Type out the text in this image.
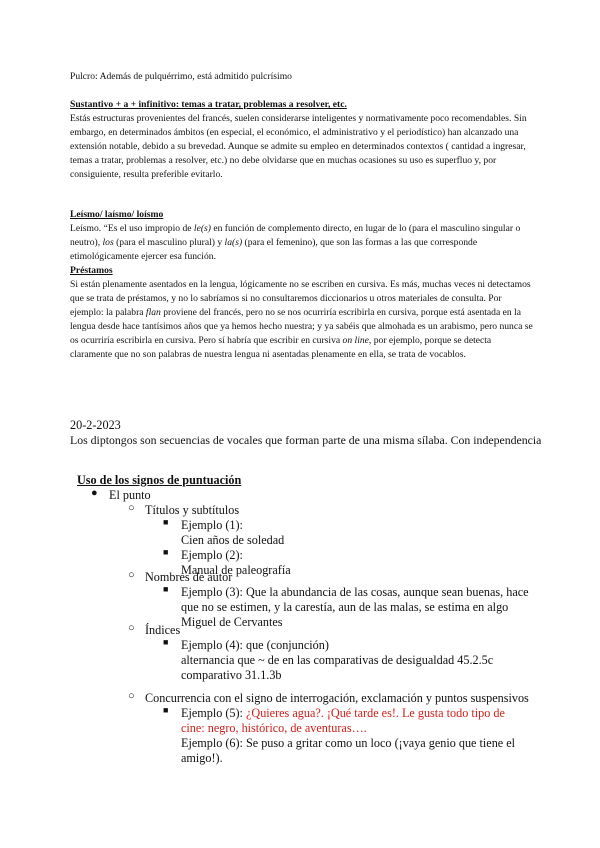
Pulcro: Además de pulquérrimo, está admitido pulcrísimo

Sustantivo + a + infinitivo: temas a tratar, problemas a resolver, etc.

Estás estructuras provenientes del francés, suelen considerarse inteligentes y normativamente poco recomendables. Sin embargo, en determinados ámbitos (en especial, el económico, el administrativo y el periodístico) han alcanzado una extensión notable, debido a su brevedad. Aunque se admite su empleo en determinados contextos ( cantidad a ingresar, temas a tratar, problemas a resolver, etc.) no debe olvidarse que en muchas ocasiones su uso es superfluo y, por consiguiente, resulta preferible evitarlo.

Leísmo/ laísmo/ loísmo

Leísmo. “Es el uso impropio de le(s) en función de complemento directo, en lugar de lo (para el masculino singular o neutro), los (para el masculino plural) y la(s) (para el femenino), que son las formas a las que corresponde etimológicamente ejercer esa función.

Préstamos

Si están plenamente asentados en la lengua, lógicamente no se escriben en cursiva. Es más, muchas veces ni detectamos que se trata de préstamos, y no lo sabríamos si no consultaremos diccionarios u otros materiales de consulta. Por ejemplo: la palabra flan proviene del francés, pero no se nos ocurriría escribirla en cursiva, porque está asentada en la lengua desde hace tantísimos años que ya hemos hecho nuestra; y ya sabéis que almohada es un arabismo, pero nunca se os ocurriría escribirla en cursiva. Pero sí habría que escribir en cursiva on line, por ejemplo, porque se detecta claramente que no son palabras de nuestra lengua ni asentadas plenamente en ella, se trata de vocablos.

20-2-2023
Los diptongos son secuencias de vocales que forman parte de una misma sílaba. Con independencia
Uso de los signos de puntuación
● El punto
○ Títulos y subtítulos
■ Ejemplo (1):
Cien años de soledad
■ Ejemplo (2):
Manual de paleografía
○ Nombres de autor
■ Ejemplo (3): Que la abundancia de las cosas, aunque sean buenas, hace
que no se estimen, y la carestía, aun de las malas, se estima en algo
Miguel de Cervantes
○ Índices
■ Ejemplo (4): que (conjunción)
alternancia que ~ de en las comparativas de desigualdad 45.2.5c
comparativo 31.1.3b
○ Concurrencia con el signo de interrogación, exclamación y puntos suspensivos
■ Ejemplo (5): ¿Quieres agua?. ¡Qué tarde es!. Le gusta todo tipo de
cine: negro, histórico, de aventuras….
Ejemplo (6): Se puso a gritar como un loco (¡vaya genio que tiene el
amigo!).
